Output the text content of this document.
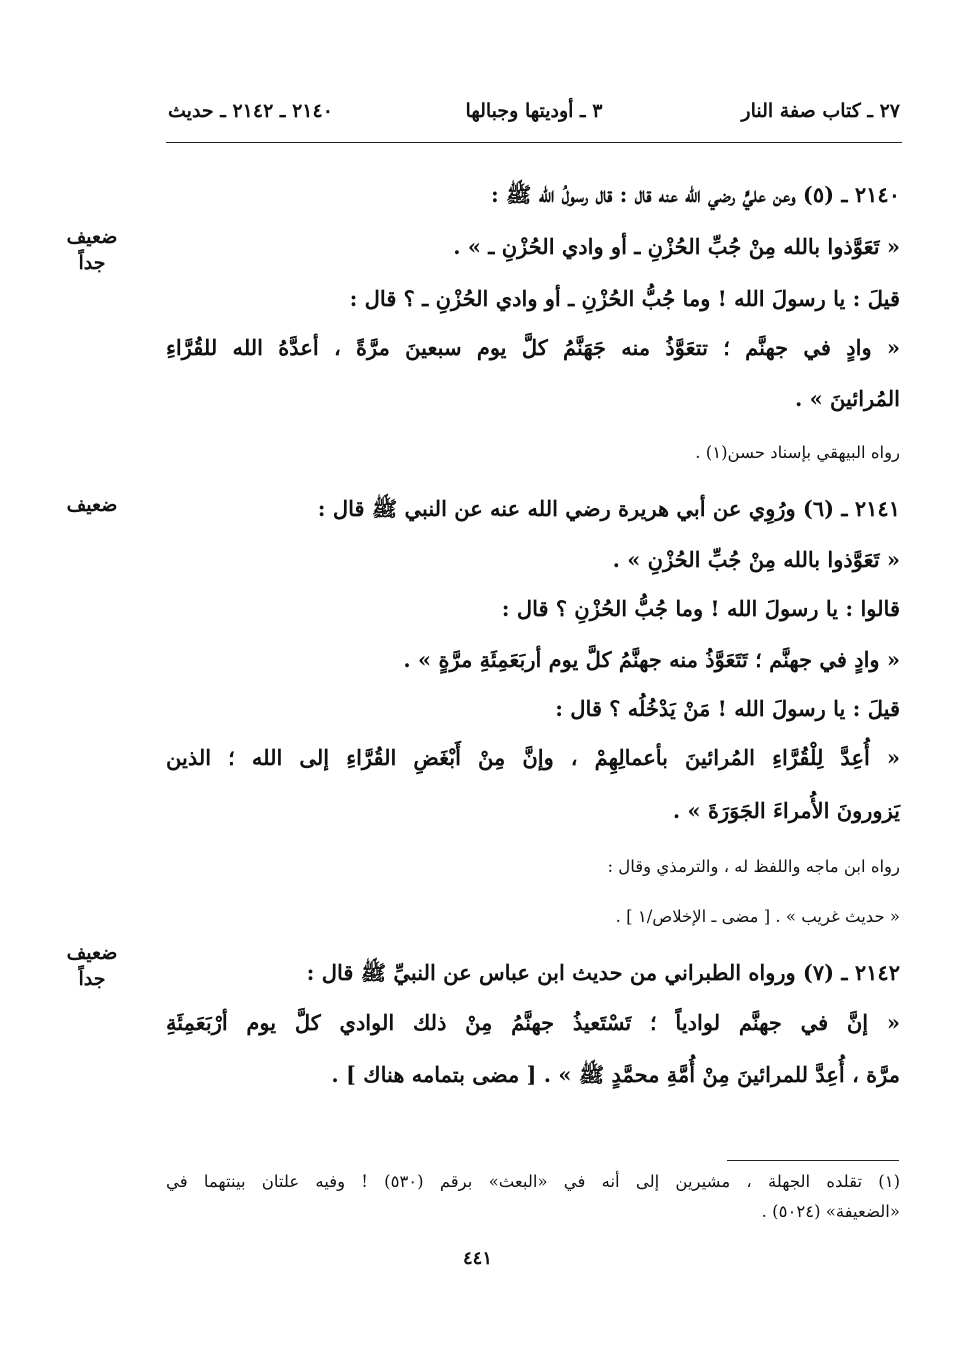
٢٧ ـ كتاب صفة النار
٣ ـ أوديتها وجبالها
٢١٤٠ ـ ٢١٤٢ ـ حديث
ضعيف
جداً
٢١٤٠ ـ (٥) وعن عليٍّ رضي الله عنه قال : قال رسولُ الله ﷺ :
« تَعَوَّذوا بالله مِنْ جُبِّ الحُزْنِ ـ أو وادي الحُزْنِ ـ » .
قيلَ : يا رسولَ الله ! وما جُبُّ الحُزْنِ ـ أو وادي الحُزْنِ ـ ؟ قال :
« وادٍ في جهنَّم ؛ تتعَوَّذُ منه جَهَنَّمُ كلَّ يوم سبعينَ مرَّةً ، أعدَّهُ الله للقُرَّاءِ
المُرائينَ » .
رواه البيهقي بإسناد حسن(١) .
ضعيف	٢١٤١ ـ (٦) ورُوِي عن أبي هريرة رضي الله عنه عن النبي ﷺ قال :
« تَعَوَّذوا بالله مِنْ جُبِّ الحُزْنِ » .
قالوا : يا رسولَ الله ! وما جُبُّ الحُزْنِ ؟ قال :
« وادٍ في جهنَّم ؛ تَتَعَوَّذُ منه جهنَّمُ كلَّ يوم أربَعَمِئَةِ مرَّةٍ » .
قيلَ : يا رسولَ الله ! مَنْ يَدْخُلُه ؟ قال :
« أُعِدَّ لِلْقُرَّاءِ المُرائينَ بأعمالِهِمْ ، وإنَّ مِنْ أَبْغَضِ القُرَّاءِ إلى الله ؛ الذين
يَزورونَ الأُمراءَ الجَوَرَةَ » .
رواه ابن ماجه واللفظ له ، والترمذي وقال :
« حديث غريب » . [ مضى ـ الإخلاص/١ ] .
ضعيف
جداً	٢١٤٢ ـ (٧) ورواه الطبراني من حديث ابن عباس عن النبيِّ ﷺ قال :
« إنَّ في جهنَّم لوادياً ؛ تَسْتَعيذُ جهنَّمُ مِنْ ذلك الوادي كلَّ يوم أرْبَعَمِئَةِ
مرَّة ، أُعِدَّ للمرائينَ مِنْ أُمَّةِ محمَّدٍ ﷺ » . [ مضى بتمامه هناك ] .
(١) تقلده الجهلة ، مشيرين إلى أنه في «البعث» برقم (٥٣٠) ! وفيه علتان بينتهما في
«الضعيفة» (٥٠٢٤) .
٤٤١
